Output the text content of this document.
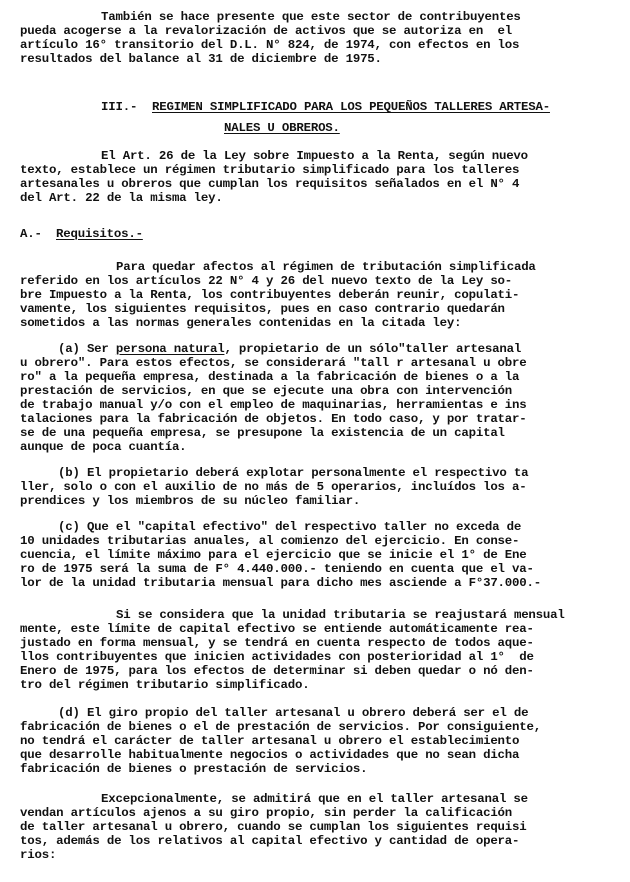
También se hace presente que este sector de contribuyentes
pueda acogerse a la revalorización de activos que se autoriza en  el
artículo 16° transitorio del D.L. N° 824, de 1974, con efectos en los
resultados del balance al 31 de diciembre de 1975.
III.- REGIMEN SIMPLIFICADO PARA LOS PEQUEÑOS TALLERES ARTESA-
NALES U OBREROS.
El Art. 26 de la Ley sobre Impuesto a la Renta, según nuevo
texto, establece un régimen tributario simplificado para los talleres
artesanales u obreros que cumplan los requisitos señalados en el N° 4
del Art. 22 de la misma ley.
A.- Requisitos.-
Para quedar afectos al régimen de tributación simplificada
referido en los artículos 22 N° 4 y 26 del nuevo texto de la Ley so-
bre Impuesto a la Renta, los contribuyentes deberán reunir, copulati-
vamente, los siguientes requisitos, pues en caso contrario quedarán
sometidos a las normas generales contenidas en la citada ley:
(a) Ser persona natural, propietario de un sólo"taller artesanal
u obrero". Para estos efectos, se considerará "tall r artesanal u obre
ro" a la pequeña empresa, destinada a la fabricación de bienes o a la
prestación de servicios, en que se ejecute una obra con intervención
de trabajo manual y/o con el empleo de maquinarias, herramientas e ins
talaciones para la fabricación de objetos. En todo caso, y por tratar-
se de una pequeña empresa, se presupone la existencia de un capital
aunque de poca cuantía.
(b) El propietario deberá explotar personalmente el respectivo ta
ller, solo o con el auxilio de no más de 5 operarios, incluídos los a-
prendices y los miembros de su núcleo familiar.
(c) Que el "capital efectivo" del respectivo taller no exceda de
10 unidades tributarias anuales, al comienzo del ejercicio. En conse-
cuencia, el límite máximo para el ejercicio que se inicie el 1° de Ene
ro de 1975 será la suma de F° 4.440.000.- teniendo en cuenta que el va-
lor de la unidad tributaria mensual para dicho mes asciende a F°37.000.-
Si se considera que la unidad tributaria se reajustará mensual
mente, este límite de capital efectivo se entiende automáticamente rea-
justado en forma mensual, y se tendrá en cuenta respecto de todos aque-
llos contribuyentes que inicien actividades con posterioridad al 1°  de
Enero de 1975, para los efectos de determinar si deben quedar o nó den-
tro del régimen tributario simplificado.
(d) El giro propio del taller artesanal u obrero deberá ser el de
fabricación de bienes o el de prestación de servicios. Por consiguiente,
no tendrá el carácter de taller artesanal u obrero el establecimiento
que desarrolle habitualmente negocios o actividades que no sean dicha
fabricación de bienes o prestación de servicios.
Excepcionalmente, se admitirá que en el taller artesanal se
vendan artículos ajenos a su giro propio, sin perder la calificación
de taller artesanal u obrero, cuando se cumplan los siguientes requisi
tos, además de los relativos al capital efectivo y cantidad de opera-
rios:
